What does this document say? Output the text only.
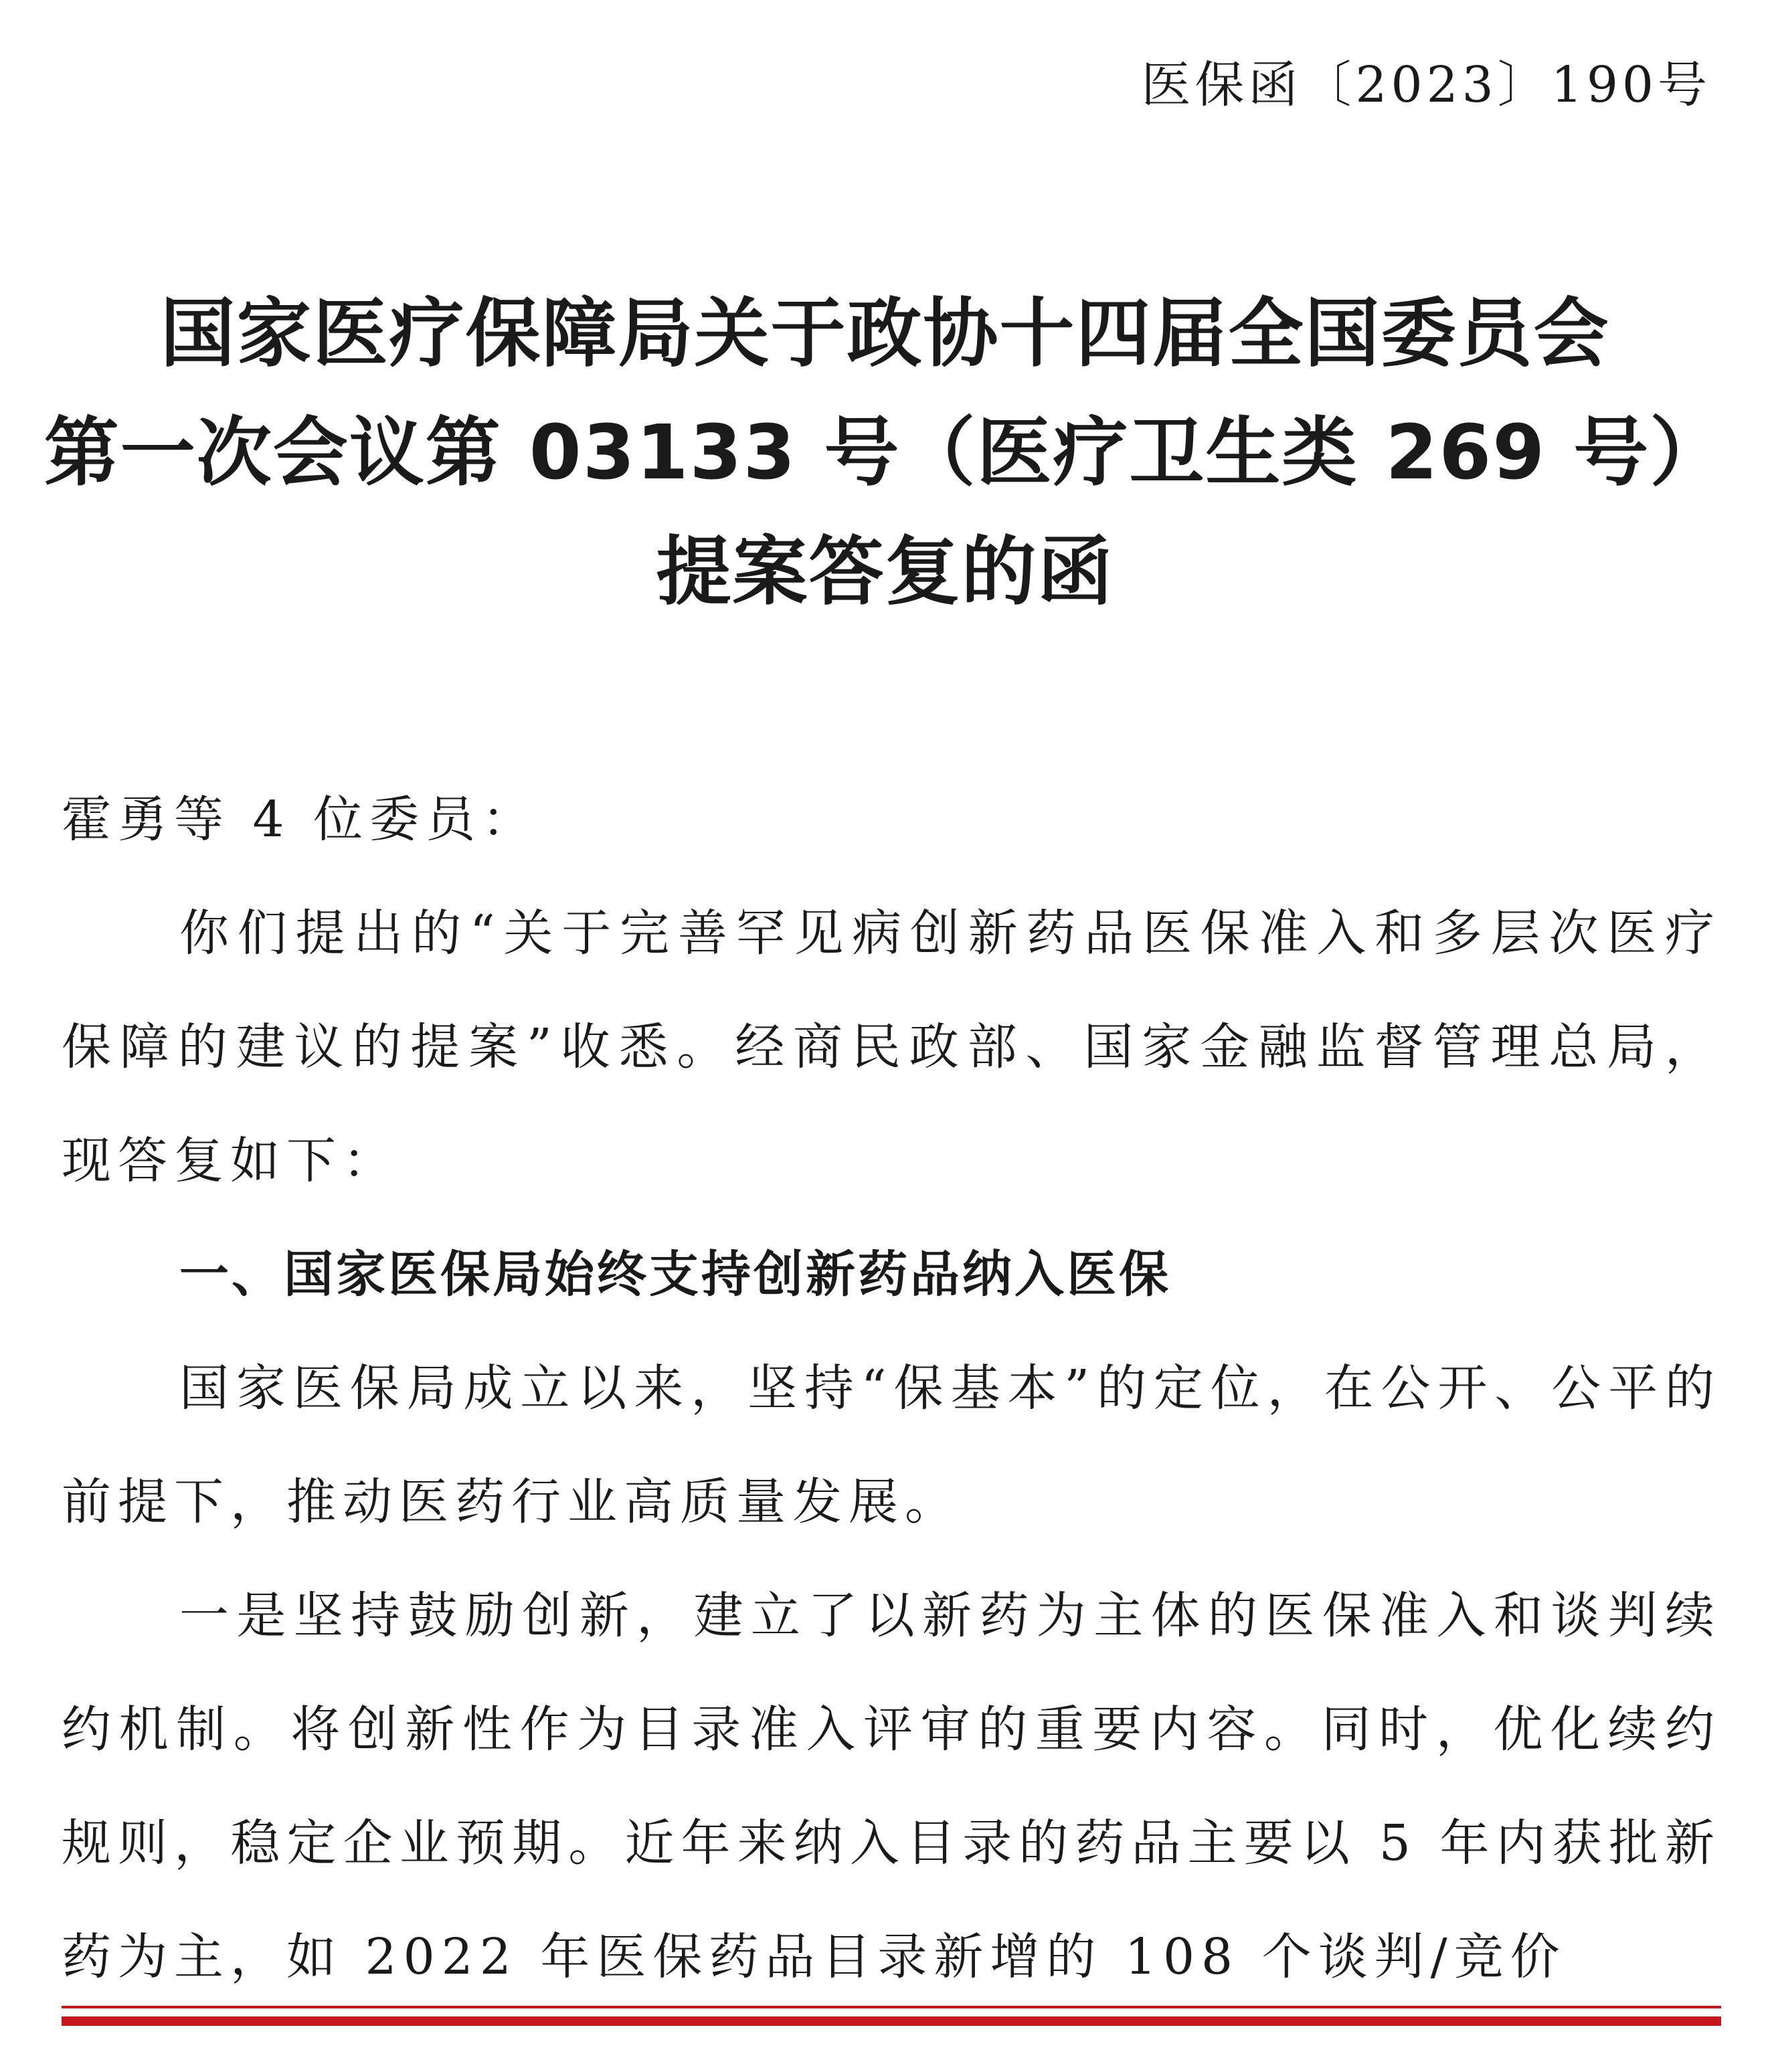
医保函〔2023〕190号
国家医疗保障局关于政协十四届全国委员会
第一次会议第 03133 号（医疗卫生类 269 号）
提案答复的函

霍勇等 4 位委员：

你们提出的“关于完善罕见病创新药品医保准入和多层次医疗保障的建议的提案”收悉。经商民政部、国家金融监督管理总局，现答复如下：

一、国家医保局始终支持创新药品纳入医保

国家医保局成立以来，坚持“保基本”的定位，在公开、公平的前提下，推动医药行业高质量发展。

一是坚持鼓励创新，建立了以新药为主体的医保准入和谈判续约机制。将创新性作为目录准入评审的重要内容。同时，优化续约规则，稳定企业预期。近年来纳入目录的药品主要以 5 年内获批新药为主，如 2022 年医保药品目录新增的 108 个谈判/竞价
